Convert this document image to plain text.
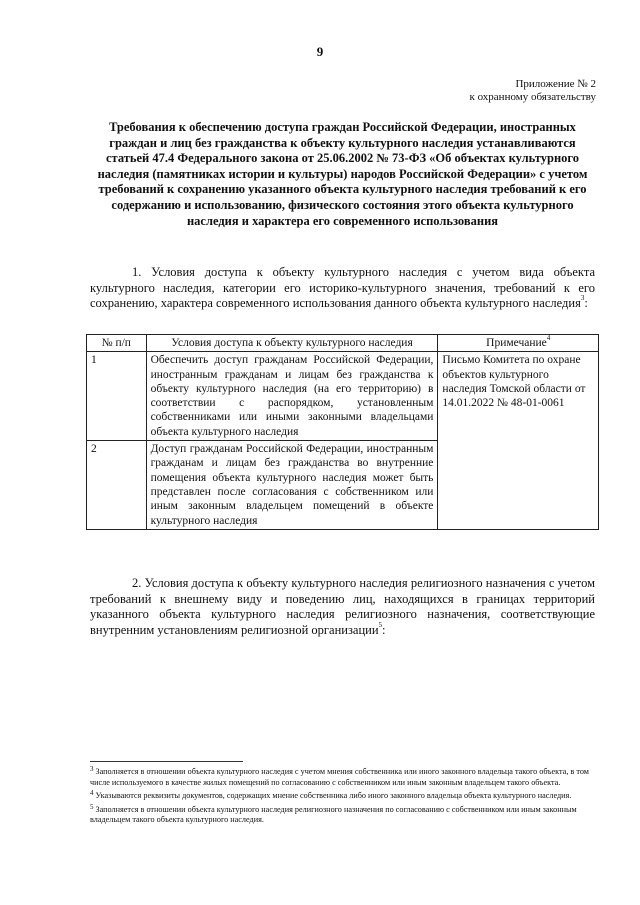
9
Приложение № 2
к охранному обязательству
Требования к обеспечению доступа граждан Российской Федерации, иностранных граждан и лиц без гражданства к объекту культурного наследия устанавливаются статьей 47.4 Федерального закона от 25.06.2002 № 73-ФЗ «Об объектах культурного наследия (памятниках истории и культуры) народов Российской Федерации» с учетом требований к сохранению указанного объекта культурного наследия требований к его содержанию и использованию, физического состояния этого объекта культурного наследия и характера его современного использования
1. Условия доступа к объекту культурного наследия с учетом вида объекта культурного наследия, категории его историко-культурного значения, требований к его сохранению, характера современного использования данного объекта культурного наследия$^3$:
№ п/п	Условия доступа к объекту культурного наследия	Примечание$^4$
1	Обеспечить доступ гражданам Российской Федерации, иностранным гражданам и лицам без гражданства к объекту культурного наследия (на его территорию) в соответствии с распорядком, установленным собственниками или иными законными владельцами объекта культурного наследия	Письмо Комитета по охране объектов культурного наследия Томской области от 14.01.2022 № 48-01-0061
2	Доступ гражданам Российской Федерации, иностранным гражданам и лицам без гражданства во внутренние помещения объекта культурного наследия может быть представлен после согласования с собственником или иным законным владельцем помещений в объекте культурного наследия	
2. Условия доступа к объекту культурного наследия религиозного назначения с учетом требований к внешнему виду и поведению лиц, находящихся в границах территорий указанного объекта культурного наследия религиозного назначения, соответствующие внутренним установлениям религиозной организации$^5$:
$^3$ Заполняется в отношении объекта культурного наследия с учетом мнения собственника или иного законного владельца такого объекта, в том числе используемого в качестве жилых помещений по согласованию с собственником или иным законным владельцем такого объекта.
$^4$ Указываются реквизиты документов, содержащих мнение собственника либо иного законного владельца объекта культурного наследия.
$^5$ Заполняется в отношении объекта культурного наследия религиозного назначения по согласованию с собственником или иным законным владельцем такого объекта культурного наследия.
